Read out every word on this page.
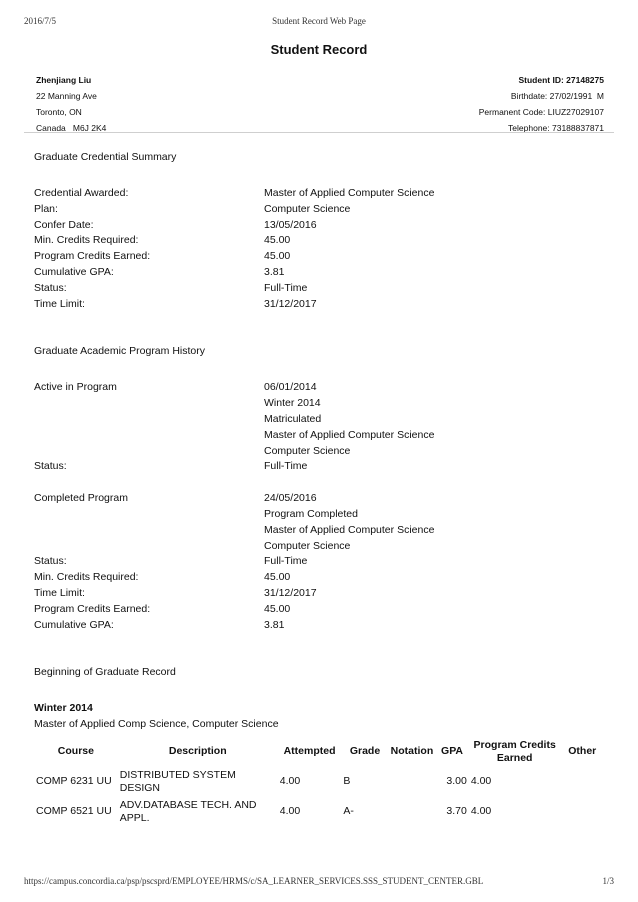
2016/7/5	Student Record Web Page
Student Record
Zhenjiang Liu
22 Manning Ave
Toronto, ON
Canada   M6J 2K4
Student ID: 27148275
Birthdate: 27/02/1991  M
Permanent Code: LIUZ27029107
Telephone: 73188837871
Graduate Credential Summary
Credential Awarded:	Master of Applied Computer Science
Plan:	Computer Science
Confer Date:	13/05/2016
Min. Credits Required:	45.00
Program Credits Earned:	45.00
Cumulative GPA:	3.81
Status:	Full-Time
Time Limit:	31/12/2017
Graduate Academic Program History
Active in Program	06/01/2014
Winter 2014
Matriculated
Master of Applied Computer Science
Computer Science
Status:	Full-Time
Completed Program	24/05/2016
Program Completed
Master of Applied Computer Science
Computer Science
Status:	Full-Time
Min. Credits Required:	45.00
Time Limit:	31/12/2017
Program Credits Earned:	45.00
Cumulative GPA:	3.81
Beginning of Graduate Record
Winter 2014
Master of Applied Comp Science, Computer Science
Course	Description	Attempted	Grade	Notation	GPA	Program Credits Earned	Other
COMP 6231 UU	DISTRIBUTED SYSTEM DESIGN	4.00	B		3.00	4.00	
COMP 6521 UU	ADV.DATABASE TECH. AND APPL.	4.00	A-		3.70	4.00	
https://campus.concordia.ca/psp/pscsprd/EMPLOYEE/HRMS/c/SA_LEARNER_SERVICES.SSS_STUDENT_CENTER.GBL	1/3
